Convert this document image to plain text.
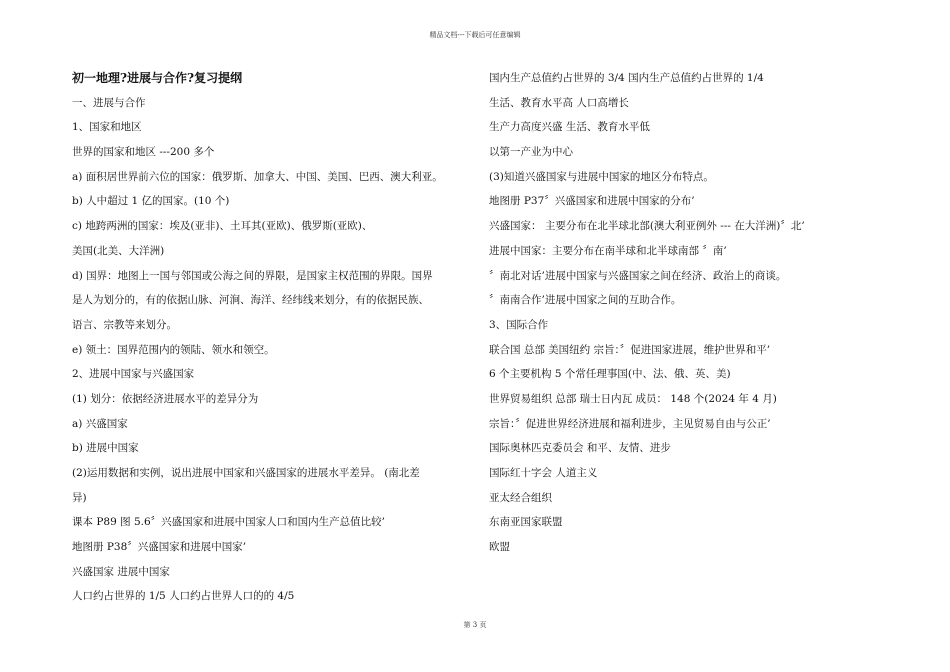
精品文档---下载后可任意编辑
初一地理?进展与合作?复习提纲
一、进展与合作
1、国家和地区
世界的国家和地区 ---200 多个
a) 面积居世界前六位的国家：俄罗斯、加拿大、中国、美国、巴西、澳大利亚。
b) 人中超过 1 亿的国家。(10 个)
c) 地跨两洲的国家：埃及(亚非)、土耳其(亚欧)、俄罗斯(亚欧)、
美国(北美、大洋洲)
d) 国界：地图上一国与邻国或公海之间的界限，是国家主权范围的界限。国界
是人为划分的，有的依据山脉、河涧、海洋、经纬线来划分，有的依据民族、
语言、宗教等来划分。
e) 领土：国界范围内的领陆、领水和领空。
2、进展中国家与兴盛国家
(1) 划分：依据经济进展水平的差异分为
a) 兴盛国家
b) 进展中国家
(2)运用数据和实例，说出进展中国家和兴盛国家的进展水平差异。 (南北差
异)
课本 P89 图 5.6〞兴盛国家和进展中国家人口和国内生产总值比较’
地图册 P38〞兴盛国家和进展中国家’
兴盛国家 进展中国家
人口约占世界的 1/5 人口约占世界人口的的 4/5
国内生产总值约占世界的 3/4 国内生产总值约占世界的 1/4
生活、教育水平高 人口高增长
生产力高度兴盛 生活、教育水平低
以第一产业为中心
(3)知道兴盛国家与进展中国家的地区分布特点。
地图册 P37〞兴盛国家和进展中国家的分布’
兴盛国家： 主要分布在北半球北部(澳大利亚例外 --- 在大洋洲)〞北’
进展中国家：主要分布在南半球和北半球南部 〞南’
〞南北对话’进展中国家与兴盛国家之间在经济、政治上的商谈。
〞南南合作’进展中国家之间的互助合作。
3、国际合作
联合国 总部 美国纽约 宗旨：〞促进国家进展，维护世界和平’
6 个主要机构 5 个常任理事国(中、法、俄、英、美)
世界贸易组织 总部 瑞士日内瓦 成员： 148 个(2024 年 4 月)
宗旨：〞促进世界经济进展和福利进步，主见贸易自由与公正’
国际奥林匹克委员会 和平、友情、进步
国际红十字会 人道主义
亚太经合组织
东南亚国家联盟
欧盟
第 3 页
